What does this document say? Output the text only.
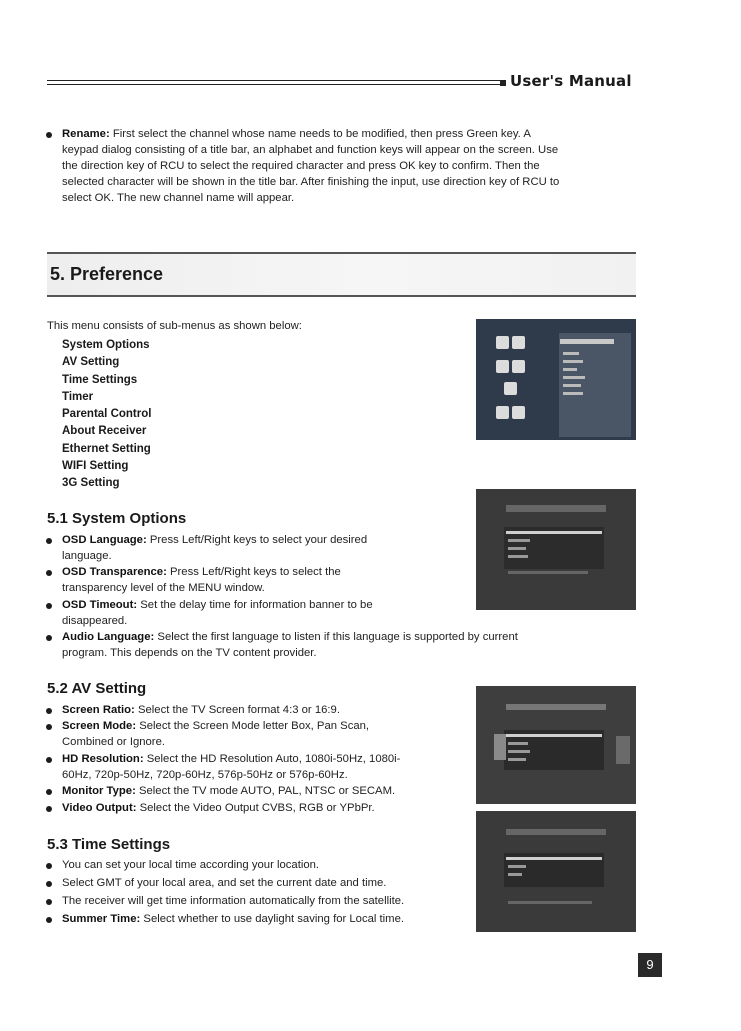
User's Manual
Rename: First select the channel whose name needs to be modified, then press Green key. A
keypad dialog consisting of a title bar, an alphabet and function keys will appear on the screen. Use
the direction key of RCU to select the required character and press OK key to confirm. Then the
selected character will be shown in the title bar. After finishing the input, use direction key of RCU to
select OK. The new channel name will appear.
5. Preference
This menu consists of sub-menus as shown below:
System Options
AV Setting
Time Settings
Timer
Parental Control
About Receiver
Ethernet Setting
WIFI Setting
3G Setting
5.1 System Options
OSD Language: Press Left/Right keys to select your desired
language.
OSD Transparence: Press Left/Right keys to select the
transparency level of the MENU window.
OSD Timeout: Set the delay time for information banner to be
disappeared.
Audio Language: Select the first language to listen if this language is supported by current
program. This depends on the TV content provider.
5.2 AV Setting
Screen Ratio: Select the TV Screen format 4:3 or 16:9.
Screen Mode: Select the Screen Mode letter Box, Pan Scan,
Combined or Ignore.
HD Resolution: Select the HD Resolution Auto, 1080i-50Hz, 1080i-
60Hz, 720p-50Hz, 720p-60Hz, 576p-50Hz or 576p-60Hz.
Monitor Type: Select the TV mode AUTO, PAL, NTSC or SECAM.
Video Output: Select the Video Output CVBS, RGB or YPbPr.
5.3 Time Settings
You can set your local time according your location.
Select GMT of your local area, and set the current date and time.
The receiver will get time information automatically from the satellite.
Summer Time: Select whether to use daylight saving for Local time.
9
